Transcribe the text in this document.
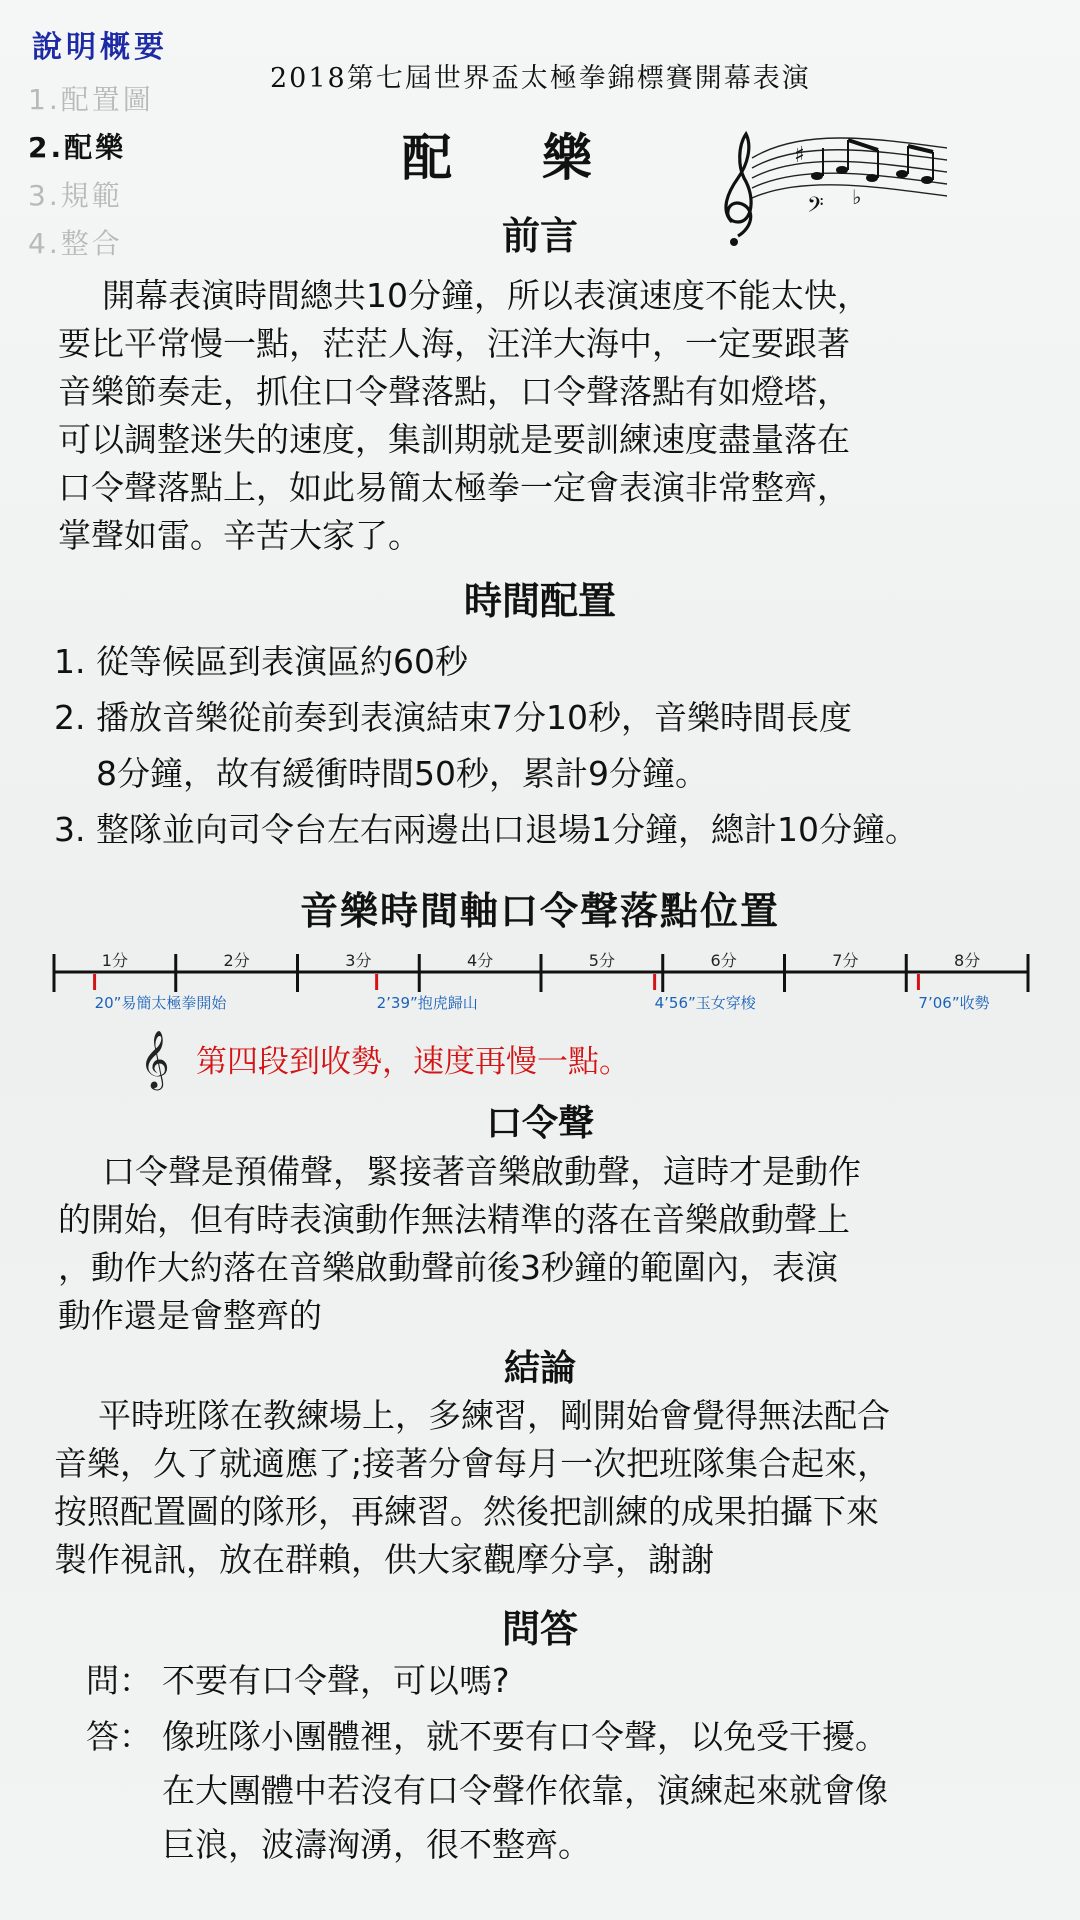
說明概要
1.配置圖
2.配樂
3.規範
4.整合
2018第七屆世界盃太極拳錦標賽開幕表演
配樂	♯
♭
𝄢
前言
開幕表演時間總共10分鐘，所以表演速度不能太快，
要比平常慢一點，茫茫人海，汪洋大海中，一定要跟著
音樂節奏走，抓住口令聲落點，口令聲落點有如燈塔，
可以調整迷失的速度，集訓期就是要訓練速度盡量落在
口令聲落點上，如此易簡太極拳一定會表演非常整齊，
掌聲如雷。辛苦大家了。
時間配置
1. 從等候區到表演區約60秒
2. 播放音樂從前奏到表演結束7分10秒，音樂時間長度
8分鐘，故有緩衝時間50秒，累計9分鐘。
3. 整隊並向司令台左右兩邊出口退場1分鐘，總計10分鐘。
音樂時間軸口令聲落點位置
1分	2分	3分	4分	5分	6分	7分	8分
20”易簡太極拳開始	2’39”抱虎歸山	4’56”玉女穿梭	7’06”收勢
𝄞 第四段到收勢，速度再慢一點。
口令聲
口令聲是預備聲，緊接著音樂啟動聲，這時才是動作
的開始，但有時表演動作無法精準的落在音樂啟動聲上
，動作大約落在音樂啟動聲前後3秒鐘的範圍內，表演
動作還是會整齊的
結論
平時班隊在教練場上，多練習，剛開始會覺得無法配合
音樂，久了就適應了;接著分會每月一次把班隊集合起來，
按照配置圖的隊形，再練習。然後把訓練的成果拍攝下來
製作視訊，放在群賴，供大家觀摩分享，謝謝
問答
問： 不要有口令聲，可以嗎?
答： 像班隊小團體裡，就不要有口令聲，以免受干擾。
在大團體中若沒有口令聲作依靠，演練起來就會像
巨浪，波濤洶湧，很不整齊。
